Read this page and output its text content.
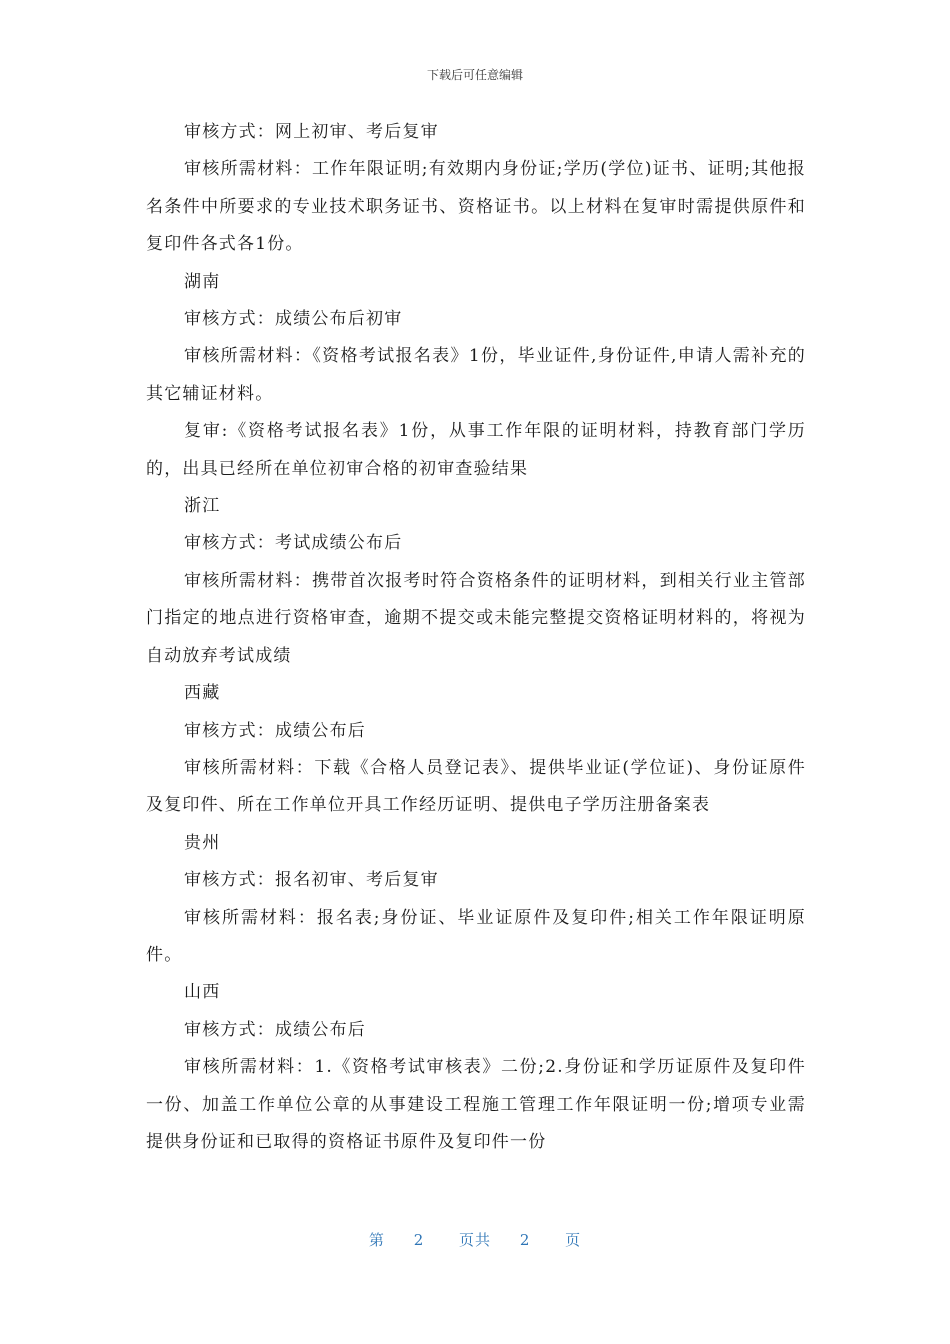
下载后可任意编辑

审核方式：网上初审、考后复审

审核所需材料：工作年限证明;有效期内身份证;学历(学位)证书、证明;其他报名条件中所要求的专业技术职务证书、资格证书。以上材料在复审时需提供原件和复印件各式各1份。

湖南

审核方式：成绩公布后初审

审核所需材料：《资格考试报名表》1份，毕业证件,身份证件,申请人需补充的其它辅证材料。

复审:《资格考试报名表》1份，从事工作年限的证明材料，持教育部门学历的，出具已经所在单位初审合格的初审查验结果

浙江

审核方式：考试成绩公布后

审核所需材料：携带首次报考时符合资格条件的证明材料，到相关行业主管部门指定的地点进行资格审查，逾期不提交或未能完整提交资格证明材料的，将视为自动放弃考试成绩

西藏

审核方式：成绩公布后

审核所需材料：下载《合格人员登记表》、提供毕业证(学位证)、身份证原件及复印件、所在工作单位开具工作经历证明、提供电子学历注册备案表

贵州

审核方式：报名初审、考后复审

审核所需材料：报名表;身份证、毕业证原件及复印件;相关工作年限证明原件。

山西

审核方式：成绩公布后

审核所需材料：1.《资格考试审核表》二份;2.身份证和学历证原件及复印件一份、加盖工作单位公章的从事建设工程施工管理工作年限证明一份;增项专业需提供身份证和已取得的资格证书原件及复印件一份

第 2 页共 2 页
